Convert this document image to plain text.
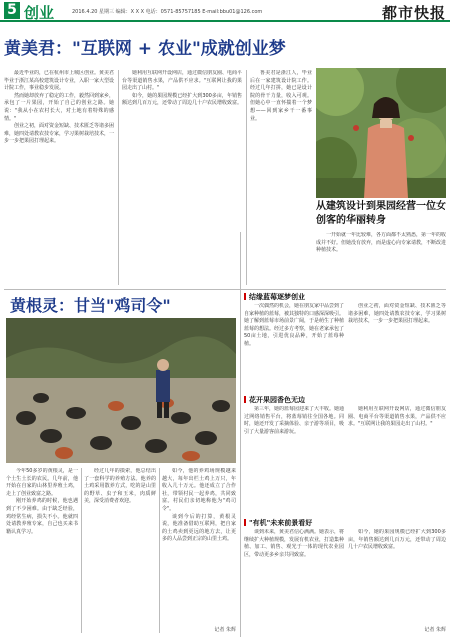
5 创业	2016.4.20 星期三 编辑：X X X 电话：0571-85757185 E-mail:bbu01@126.com	都市快报
黄美君："互联网 + 农业"成就创业梦

最近毕业的，已在杭州市上城区创业。黄美君毕业于浙江某高校建筑设计专业，入职一家大型设计院工作，事业稳步发展。

然而她却放弃了稳定的工作，毅然回到家乡，承包了一片果园，开始了自己的创业之路。她说："我从小在农村长大，对土地有着特殊的感情。"

创业之初，面对资金短缺、技术匮乏等诸多困难，她四处请教农技专家，学习果树栽培技术，一步一步把果园打理起来。

她利用互联网开设网店，通过微信朋友圈、电商平台等渠道销售水果，产品供不应求。"互联网让我的果园走出了山村。"

如今，她的果园规模已经扩大到300多亩，年销售额达到几百万元，还带动了周边几十户农民增收致富。

鲁美君是浙江人，毕业后在一家建筑设计院工作。经过几年打拼，她已是设计院的骨干力量，收入可观。但她心中一直怀揣着一个梦想——回到家乡干一番事业。

从建筑设计到果园经营一位女创客的华丽转身

一开始就一年比较难，各方面都不太熟悉，第一年的收成并不好。但她没有放弃，而是虚心向专家请教，不断改进种植技术。

黄根灵：甘当"鸡司令"	结缘蓝莓逐梦创业

一次偶然的机会，她在朋友家中品尝到了自家种植的蓝莓，被其独特的口感深深吸引。她了解到蓝莓市场前景广阔，于是萌生了种植蓝莓的想法。经过多方考察，她在老家承包了50亩土地，引进优良品种，开始了蓝莓种植。

创业之初，面对资金短缺、技术匮乏等诸多困难，她四处请教农技专家，学习果树栽培技术，一步一步把果园打理起来。

花开果园香色无边

第三年，她的蓝莓园迎来了大丰收。她通过网络销售平台，将蓝莓销往全国各地。同时，她还开发了采摘体验、亲子游等项目，吸引了大量游客前来游玩。

她利用互联网开设网店，通过微信朋友圈、电商平台等渠道销售水果，产品供不应求。"互联网让我的果园走出了山村。"

"有机"未来前景看好

谈到未来，黄美君信心满满。她表示，将继续扩大种植规模，发展有机农业，打造集种植、加工、销售、观光于一体的现代农业园区，带动更多乡亲共同致富。

如今，她的果园规模已经扩大到300多亩，年销售额达到几百万元，还带动了周边几十户农民增收致富。

记者 朱辉

今年50多岁的黄根灵，是一个土生土长的农民。几年前，他开始在自家的山林里养殖土鸡，走上了创业致富之路。

刚开始养鸡的时候，他也遇到了不少困难。由于缺乏经验，鸡经常生病，损失不小。他就四处请教养殖专家，自己也买来书籍认真学习。

经过几年的摸索，他总结出了一套科学的养殖方法。他养的土鸡采用散养方式，吃的是山里的野草、虫子和玉米，肉质鲜美，深受消费者欢迎。

如今，他的养鸡场规模越来越大，每年出栏土鸡上万只，年收入几十万元。他还成立了合作社，带领村民一起养鸡，共同致富。村民们亲切地称他为"鸡司令"。

谈到今后的打算，黄根灵说，他准备借助互联网，把自家的土鸡卖到更远的地方去，让更多的人品尝到正宗的山里土鸡。

记者 朱辉
